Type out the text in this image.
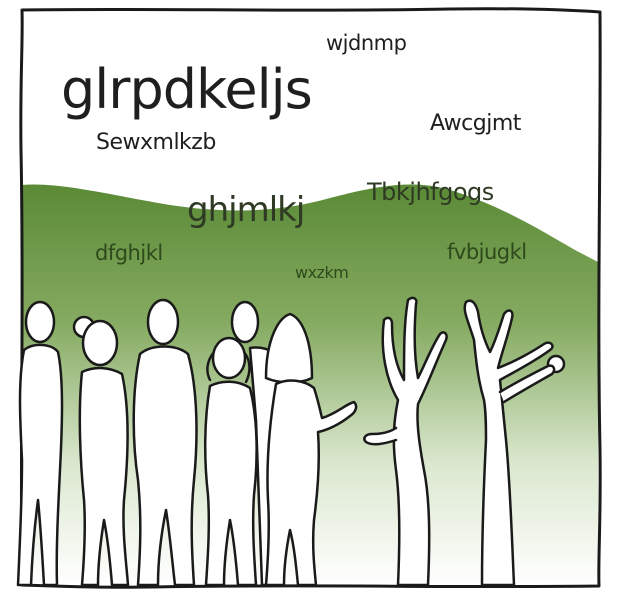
glrpdkeljs
wjdnmp
Sewxmlkzb
Awcgjmt
ghjmlkj	Tbkjhfgogs
dfghjkl
wxzkm
fvbjugkl
